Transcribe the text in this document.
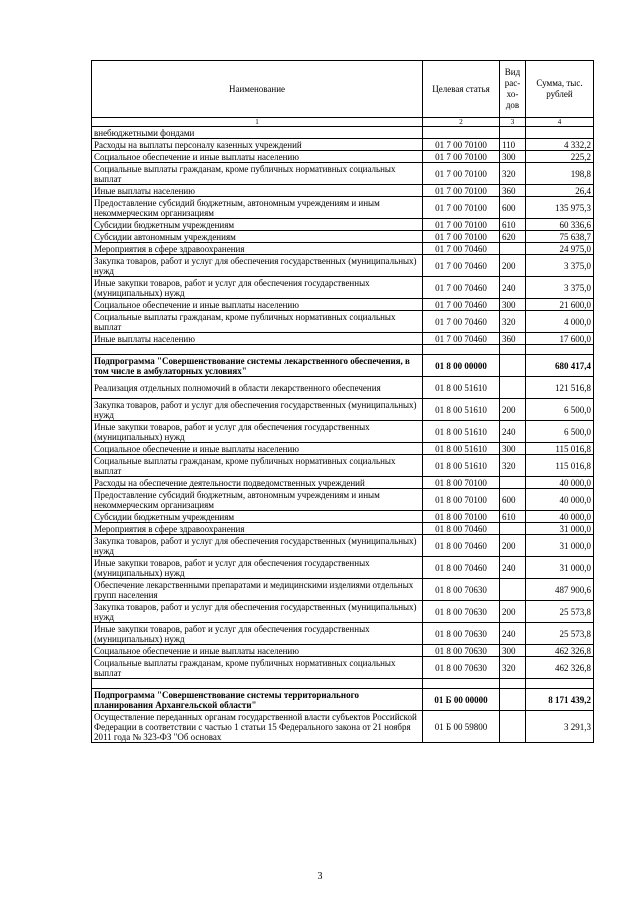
Наименование	Целевая статья	Вид рас-хо-дов	Сумма, тыс. рублей
1	2	3	4
внебюджетными фондами			
Расходы на выплаты персоналу казенных учреждений	01 7 00 70100	110	4 332,2
Социальное обеспечение и иные выплаты населению	01 7 00 70100	300	225,2
Социальные выплаты гражданам, кроме публичных нормативных социальных выплат	01 7 00 70100	320	198,8
Иные выплаты населению	01 7 00 70100	360	26,4
Предоставление субсидий бюджетным, автономным учреждениям и иным некоммерческим организациям	01 7 00 70100	600	135 975,3
Субсидии бюджетным учреждениям	01 7 00 70100	610	60 336,6
Субсидии автономным учреждениям	01 7 00 70100	620	75 638,7
Мероприятия в сфере здравоохранения	01 7 00 70460		24 975,0
Закупка товаров, работ и услуг для обеспечения государственных (муниципальных) нужд	01 7 00 70460	200	3 375,0
Иные закупки товаров, работ и услуг для обеспечения государственных (муниципальных) нужд	01 7 00 70460	240	3 375,0
Социальное обеспечение и иные выплаты населению	01 7 00 70460	300	21 600,0
Социальные выплаты гражданам, кроме публичных нормативных социальных выплат	01 7 00 70460	320	4 000,0
Иные выплаты населению	01 7 00 70460	360	17 600,0

Подпрограмма "Совершенствование системы лекарственного обеспечения, в том числе в амбулаторных условиях"	01 8 00 00000		680 417,4
Реализация отдельных полномочий в области лекарственного обеспечения	01 8 00 51610		121 516,8
Закупка товаров, работ и услуг для обеспечения государственных (муниципальных) нужд	01 8 00 51610	200	6 500,0
Иные закупки товаров, работ и услуг для обеспечения государственных (муниципальных) нужд	01 8 00 51610	240	6 500,0
Социальное обеспечение и иные выплаты населению	01 8 00 51610	300	115 016,8
Социальные выплаты гражданам, кроме публичных нормативных социальных выплат	01 8 00 51610	320	115 016,8
Расходы на обеспечение деятельности подведомственных учреждений	01 8 00 70100		40 000,0
Предоставление субсидий бюджетным, автономным учреждениям и иным некоммерческим организациям	01 8 00 70100	600	40 000,0
Субсидии бюджетным учреждениям	01 8 00 70100	610	40 000,0
Мероприятия в сфере здравоохранения	01 8 00 70460		31 000,0
Закупка товаров, работ и услуг для обеспечения государственных (муниципальных) нужд	01 8 00 70460	200	31 000,0
Иные закупки товаров, работ и услуг для обеспечения государственных (муниципальных) нужд	01 8 00 70460	240	31 000,0
Обеспечение лекарственными препаратами и медицинскими изделиями отдельных групп населения	01 8 00 70630		487 900,6
Закупка товаров, работ и услуг для обеспечения государственных (муниципальных) нужд	01 8 00 70630	200	25 573,8
Иные закупки товаров, работ и услуг для обеспечения государственных (муниципальных) нужд	01 8 00 70630	240	25 573,8
Социальное обеспечение и иные выплаты населению	01 8 00 70630	300	462 326,8
Социальные выплаты гражданам, кроме публичных нормативных социальных выплат	01 8 00 70630	320	462 326,8

Подпрограмма "Совершенствование системы территориального планирования Архангельской области"	01 Б 00 00000		8 171 439,2
Осуществление переданных органам государственной власти субъектов Российской Федерации в соответствии с частью 1 статьи 15 Федерального закона от 21 ноября 2011 года № 323-ФЗ "Об основах	01 Б 00 59800		3 291,3
3
